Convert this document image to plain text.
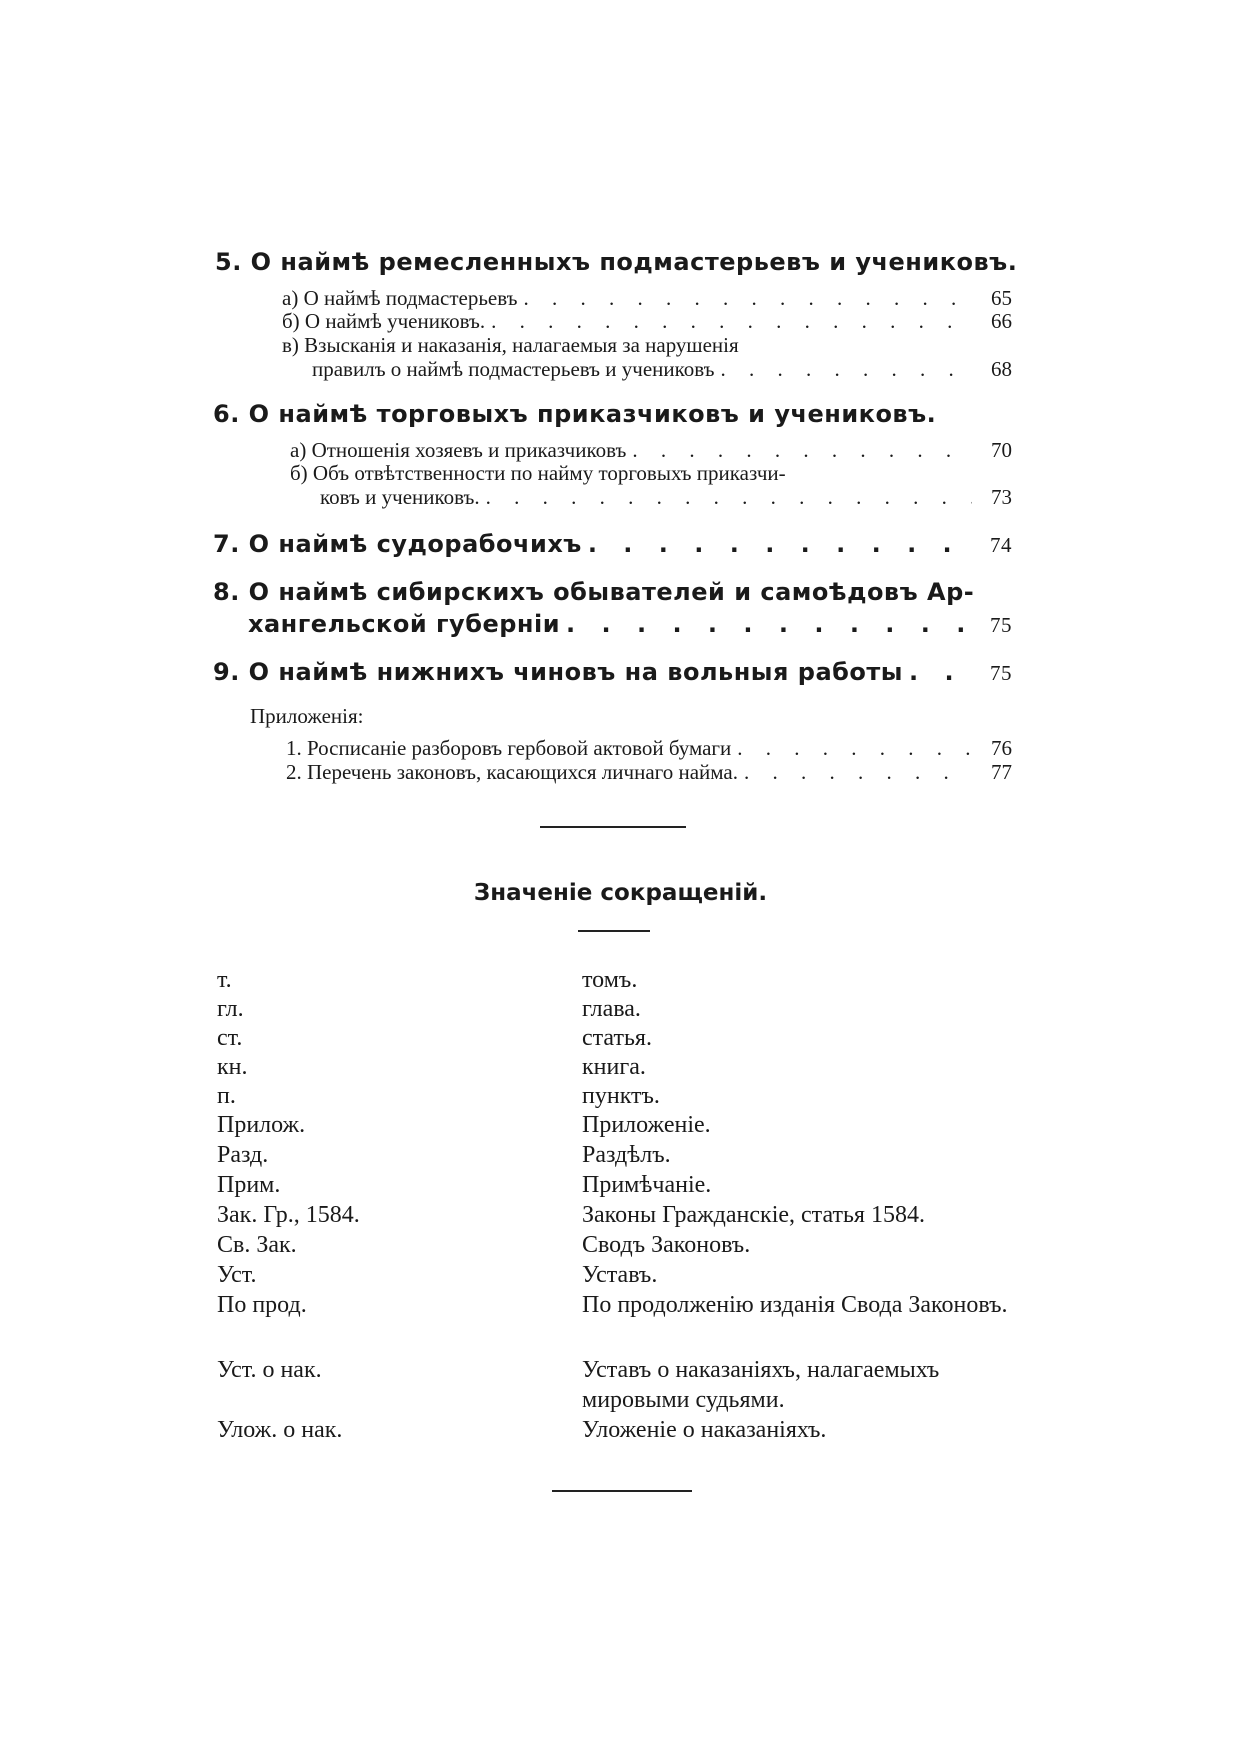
5. О наймѣ ремесленныхъ подмастерьевъ и учениковъ.
а) О наймѣ подмастерьевъ . . .	65
б) О наймѣ учениковъ. . . .	66
в) Взысканія и наказанія, налагаемыя за нарушенія
правилъ о наймѣ подмастерьевъ и учениковъ . . .	68
6. О наймѣ торговыхъ приказчиковъ и учениковъ.
а) Отношенія хозяевъ и приказчиковъ . . .	70
б) Объ отвѣтственности по найму торговыхъ приказчи-
ковъ и учениковъ. . . .	73
7. О наймѣ судорабочихъ . . .	74
8. О наймѣ сибирскихъ обывателей и самоѣдовъ Ар-
хангельской губерніи . . .	75
9. О наймѣ нижнихъ чиновъ на вольныя работы . . .	75
Приложенія:
1. Росписаніе разборовъ гербовой актовой бумаги . . .	76
2. Перечень законовъ, касающихся личнаго найма. . . .	77
Значеніе сокращеній.
т.	томъ.
гл.	глава.
ст.	статья.
кн.	книга.
п.	пунктъ.
Прилож.	Приложеніе.
Разд.	Раздѣлъ.
Прим.	Примѣчаніе.
Зак. Гр., 1584.	Законы Гражданскіе, статья 1584.
Св. Зак.	Сводъ Законовъ.
Уст.	Уставъ.
По прод.	По продолженію изданія Свода Законовъ.
Уст. о нак.	Уставъ о наказаніяхъ, налагаемыхъ мировыми судьями.
Улож. о нак.	Уложеніе о наказаніяхъ.
